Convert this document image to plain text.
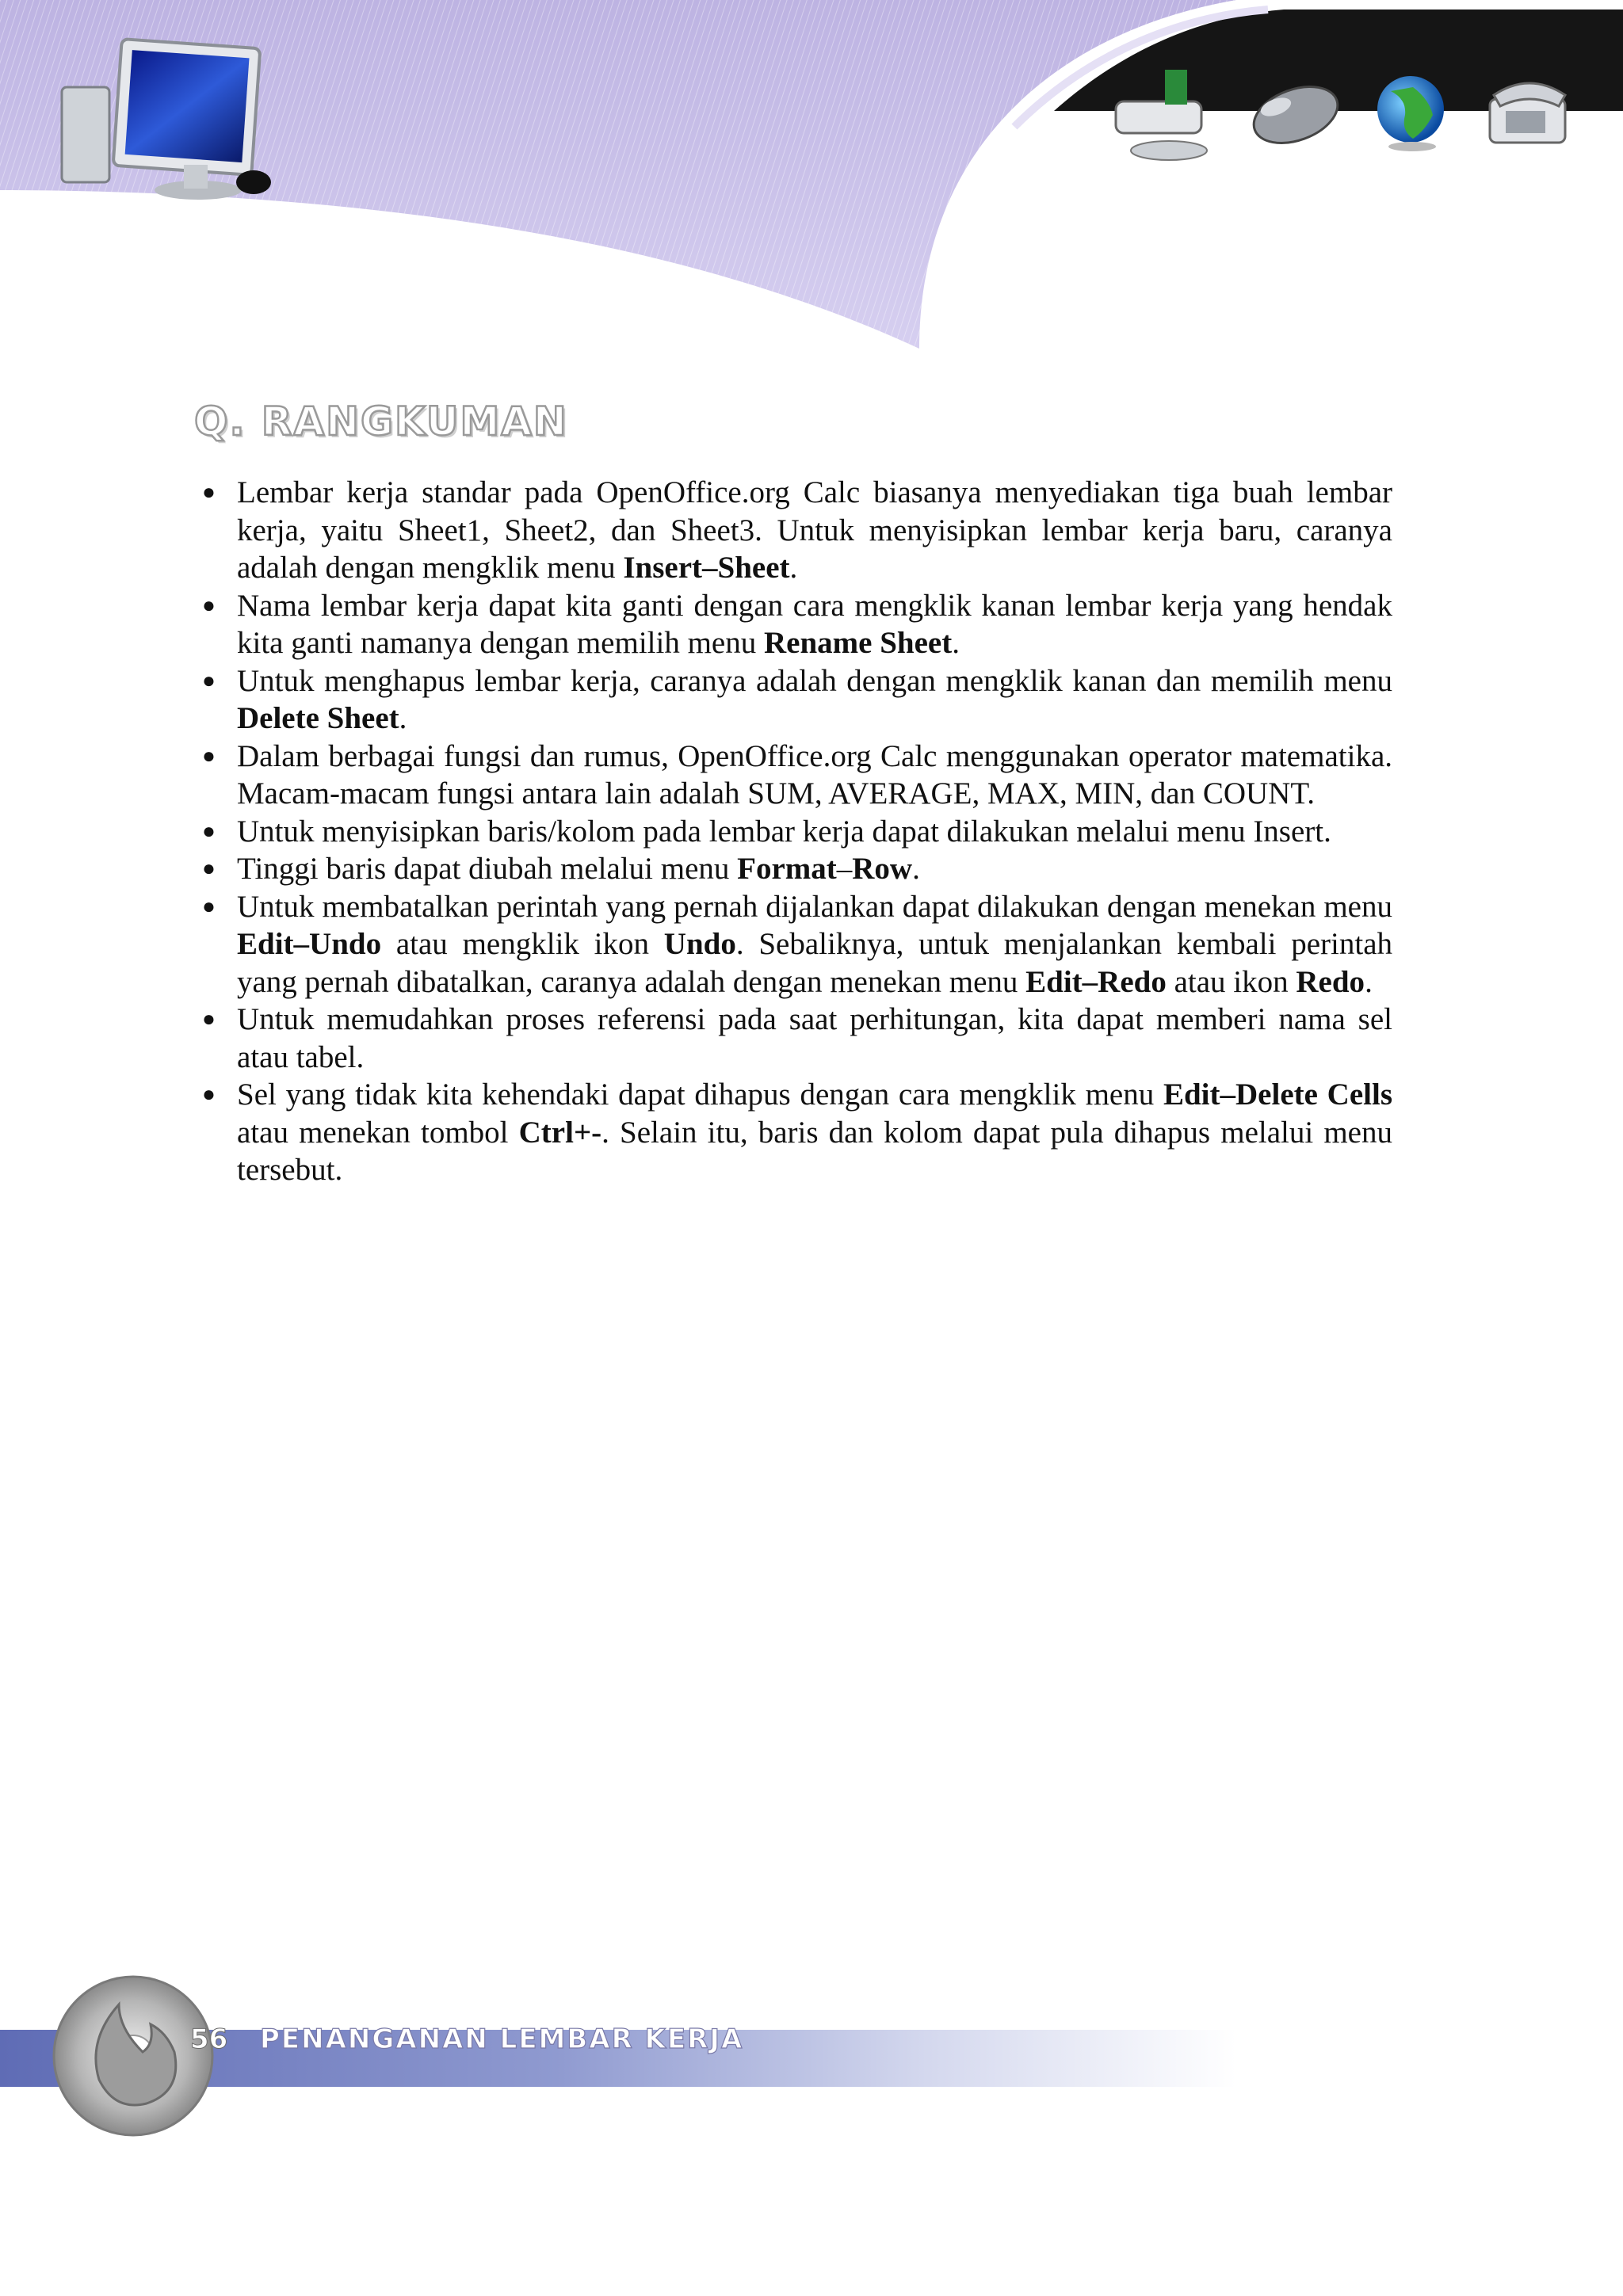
Q. RANGKUMAN
● Lembar kerja standar pada OpenOffice.org Calc biasanya menyediakan tiga buah lembar kerja, yaitu Sheet1, Sheet2, dan Sheet3. Untuk menyisipkan lembar kerja baru, caranya adalah dengan mengklik menu Insert–Sheet.
● Nama lembar kerja dapat kita ganti dengan cara mengklik kanan lembar kerja yang hendak kita ganti namanya dengan memilih menu Rename Sheet.
● Untuk menghapus lembar kerja, caranya adalah dengan mengklik kanan dan memilih menu Delete Sheet.
● Dalam berbagai fungsi dan rumus, OpenOffice.org Calc menggunakan operator matematika. Macam-macam fungsi antara lain adalah SUM, AVERAGE, MAX, MIN, dan COUNT.
● Untuk menyisipkan baris/kolom pada lembar kerja dapat dilakukan melalui menu Insert.
● Tinggi baris dapat diubah melalui menu Format–Row.
● Untuk membatalkan perintah yang pernah dijalankan dapat dilakukan dengan menekan menu Edit–Undo atau mengklik ikon Undo. Sebaliknya, untuk menjalankan kembali perintah yang pernah dibatalkan, caranya adalah dengan menekan menu Edit–Redo atau ikon Redo.
● Untuk memudahkan proses referensi pada saat perhitungan, kita dapat memberi nama sel atau tabel.
● Sel yang tidak kita kehendaki dapat dihapus dengan cara mengklik menu Edit–Delete Cells atau menekan tombol Ctrl+-. Selain itu, baris dan kolom dapat pula dihapus melalui menu tersebut.
56 PENANGANAN LEMBAR KERJA
